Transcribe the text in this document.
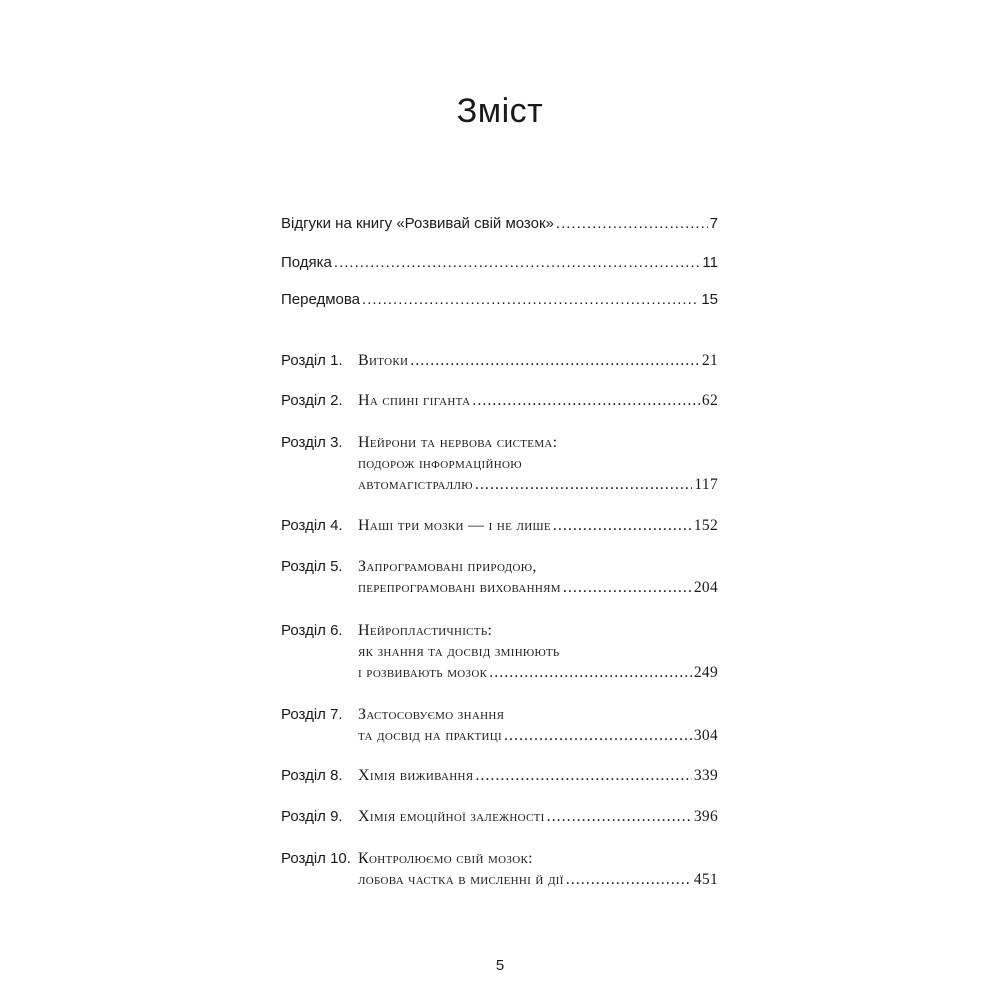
Зміст
Відгуки на книгу «Розвивай свій мозок» .....	7
Подяка .....	11
Передмова .....	15
Розділ 1. Витоки .....	21
Розділ 2. На спині гіганта .....	62
Розділ 3. Нейрони та нервова система:
подорож інформаційною
автомагістраллю .....	117
Розділ 4. Наші три мозки — і не лише .....	152
Розділ 5. Запрограмовані природою,
перепрограмовані вихованням .....	204
Розділ 6. Нейропластичність:
як знання та досвід змінюють
і розвивають мозок .....	249
Розділ 7. Застосовуємо знання
та досвід на практиці .....	304
Розділ 8. Хімія виживання .....	339
Розділ 9. Хімія емоційної залежності .....	396
Розділ 10. Контролюємо свій мозок:
лобова частка в мисленні й дії .....	451
5
